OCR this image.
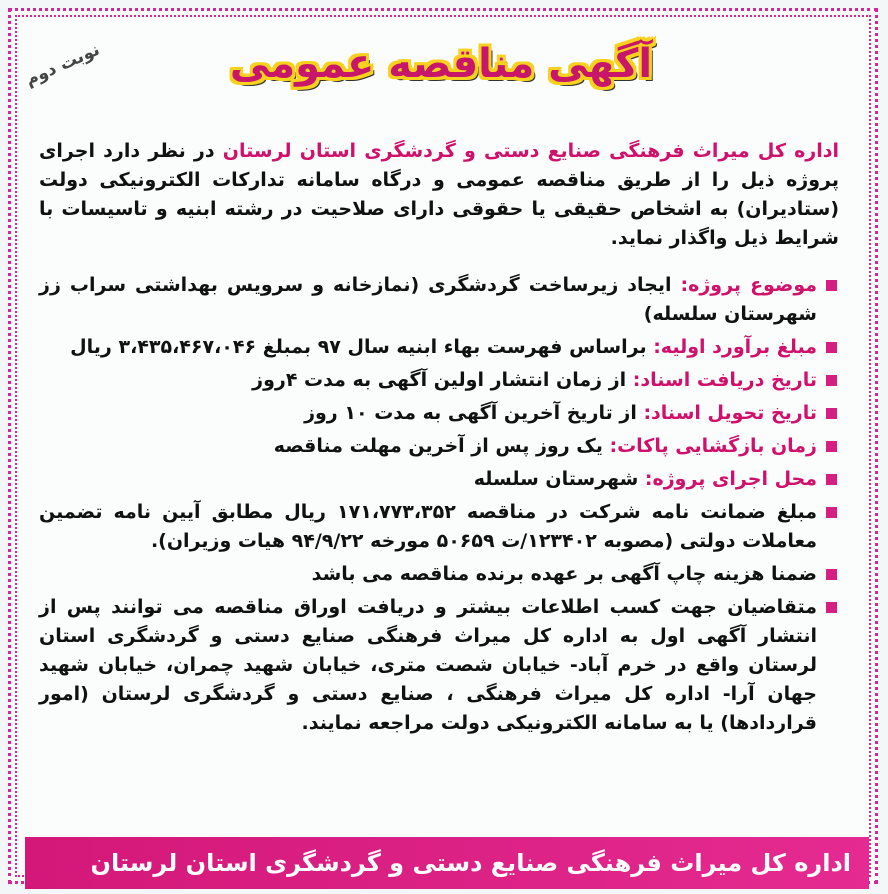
نوبت دوم	آگهی مناقصه عمومی
اداره کل میراث فرهنگی صنایع دستی و گردشگری استان لرستان در نظر دارد اجرای پروژه ذیل را از طریق مناقصه عمومی و درگاه سامانه تدارکات الکترونیکی دولت (ستادیران) به اشخاص حقیقی یا حقوقی دارای صلاحیت در رشته ابنیه و تاسیسات با شرایط ذیل واگذار نماید.
موضوع پروژه: ایجاد زیرساخت گردشگری (نمازخانه و سرویس بهداشتی سراب زز شهرستان سلسله)
مبلغ برآورد اولیه: براساس فهرست بهاء ابنیه سال ۹۷ بمبلغ ۳،۴۳۵،۴۶۷،۰۴۶ ریال
تاریخ دریافت اسناد: از زمان انتشار اولین آگهی به مدت ۴روز
تاریخ تحویل اسناد: از تاریخ آخرین آگهی به مدت ۱۰ روز
زمان بازگشایی پاکات: یک روز پس از آخرین مهلت مناقصه
محل اجرای پروژه: شهرستان سلسله
مبلغ ضمانت نامه شرکت در مناقصه ۱۷۱،۷۷۳،۳۵۲ ریال مطابق آیین نامه تضمین معاملات دولتی (مصوبه ۱۲۳۴۰۲/ت ۵۰۶۵۹ مورخه ۹۴/۹/۲۲ هیات وزیران).
ضمنا هزینه چاپ آگهی بر عهده برنده مناقصه می باشد
متقاضیان جهت کسب اطلاعات بیشتر و دریافت اوراق مناقصه می توانند پس از انتشار آگهی اول به اداره کل میراث فرهنگی صنایع دستی و گردشگری استان لرستان واقع در خرم آباد- خیابان شصت متری، خیابان شهید چمران، خیابان شهید جهان آرا- اداره کل میراث فرهنگی ، صنایع دستی و گردشگری لرستان (امور قراردادها) یا به سامانه الکترونیکی دولت مراجعه نمایند.
اداره کل میراث فرهنگی صنایع دستی و گردشگری استان لرستان
